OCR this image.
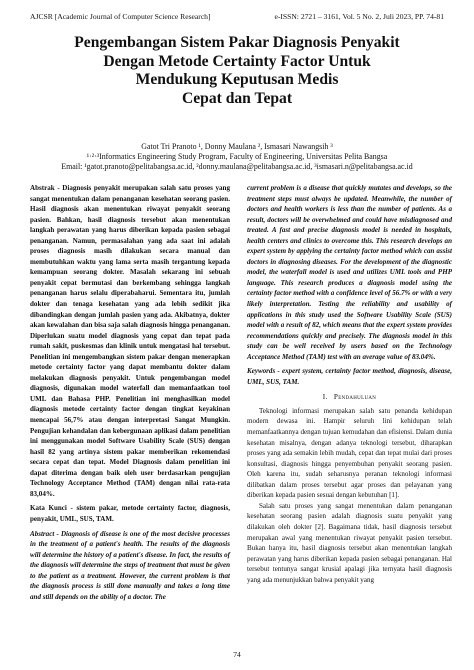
AJCSR [Academic Journal of Computer Science Research]	e-ISSN: 2721 – 3161, Vol. 5 No. 2, Juli 2023, PP. 74-81
Pengembangan Sistem Pakar Diagnosis Penyakit
Dengan Metode Certainty Factor Untuk
Mendukung Keputusan Medis
Cepat dan Tepat
Gatot Tri Pranoto ¹, Donny Maulana ², Ismasari Nawangsih ³
¹·²·³Informatics Engineering Study Program, Faculty of Engineering, Universitas Pelita Bangsa
Email: ¹gatot.pranoto@pelitabangsa.ac.id, ²donny.maulana@pelitabangsa.ac.id, ³ismasari.n@pelitabangsa.ac.id

Abstrak - Diagnosis penyakit merupakan salah satu proses yang sangat menentukan dalam penanganan kesehatan seorang pasien. Hasil diagnosis akan menentukan riwayat penyakit seorang pasien. Bahkan, hasil diagnosis tersebut akan menentukan langkah perawatan yang harus diberikan kepada pasien sebagai penanganan. Namun, permasalahan yang ada saat ini adalah proses diagnosis masih dilakukan secara manual dan membutuhkan waktu yang lama serta masih tergantung kepada kemampuan seorang dokter. Masalah sekarang ini sebuah penyakit cepat bermutasi dan berkembang sehingga langkah penanganan harus selalu diperabaharui. Sementara itu, jumlah dokter dan tenaga kesehatan yang ada lebih sedikit jika dibandingkan dengan jumlah pasien yang ada. Akibatnya, dokter akan kewalahan dan bisa saja salah diagnosis hingga penanganan. Diperlukan suatu model diagnosis yang cepat dan tepat pada rumah sakit, puskesmas dan klinik untuk mengatasi hal tersebut. Penelitian ini mengembangkan sistem pakar dengan menerapkan metode certainty factor yang dapat membantu dokter dalam melakukan diagnosis penyakit. Untuk pengembangan model diagnosis, digunakan model waterfall dan memanfaatkan tool UML dan Bahasa PHP. Penelitian ini menghasilkan model diagnosis metode certainty factor dengan tingkat keyakinan mencapai 56,7% atau dengan interpretasi Sangat Mungkin. Pengujian kehandalan dan kebergunaan aplikasi dalam penelitian ini menggunakan model Software Usability Scale (SUS) dengan hasil 82 yang artinya sistem pakar memberikan rekomendasi secara cepat dan tepat. Model Diagnosis dalam penelitian ini dapat diterima dengan baik oleh user berdasarkan pengujian Technology Acceptance Method (TAM) dengan nilai rata-rata 83,04%.

Kata Kunci - sistem pakar, metode certainty factor, diagnosis, penyakit, UML, SUS, TAM.

Abstract - Diagnosis of disease is one of the most decisive processes in the treatment of a patient's health. The results of the diagnosis will determine the history of a patient's disease. In fact, the results of the diagnosis will determine the steps of treatment that must be given to the patient as a treatment. However, the current problem is that the diagnosis process is still done manually and takes a long time and still depends on the ability of a doctor. The

current problem is a disease that quickly mutates and develops, so the treatment steps must always be updated. Meanwhile, the number of doctors and health workers is less than the number of patients. As a result, doctors will be overwhelmed and could have misdiagnosed and treated. A fast and precise diagnosis model is needed in hospitals, health centers and clinics to overcome this. This research develops an expert system by applying the certainty factor method which can assist doctors in diagnosing diseases. For the development of the diagnostic model, the waterfall model is used and utilizes UML tools and PHP language. This research produces a diagnosis model using the certainty factor method with a confidence level of 56.7% or with a very likely interpretation. Testing the reliability and usability of applications in this study used the Software Usability Scale (SUS) model with a result of 82, which means that the expert system provides recommendations quickly and precisely. The diagnosis model in this study can be well received by users based on the Technology Acceptance Method (TAM) test with an average value of 83.04%.

Keywords - expert system, certainty factor method, diagnosis, disease, UML, SUS, TAM.

I. Pendahuluan

Teknologi informasi merupakan salah satu penanda kehidupan modern dewasa ini. Hampir seluruh lini kehidupan telah memanfaatkannya dengan tujuan kemudahan dan efisiensi. Dalam dunia kesehatan misalnya, dengan adanya teknologi tersebut, diharapkan proses yang ada semakin lebih mudah, cepat dan tepat mulai dari proses konsultasi, diagnosis hingga penyembuhan penyakit seorang pasien. Oleh karena itu, sudah seharusnya peranan teknologi informasi dilibatkan dalam proses tersebut agar proses dan pelayanan yang diberikan kepada pasien sesuai dengan kebutuhan [1].

Salah satu proses yang sangat menentukan dalam penanganan kesehatan seorang pasien adalah diagnosis suatu penyakit yang dilakukan oleh dokter [2]. Bagaimana tidak, hasil diagnosis tersebut merupakan awal yang menentukan riwayat penyakit pasien tersebut. Bukan hanya itu, hasil diagnosis tersebut akan menentukan langkah perawatan yang harus diberikan kepada pasien sebagai penanganan. Hal tersebut tentunya sangat krusial apalagi jika ternyata hasil diagnosis yang ada menunjukkan bahwa penyakit yang

74
